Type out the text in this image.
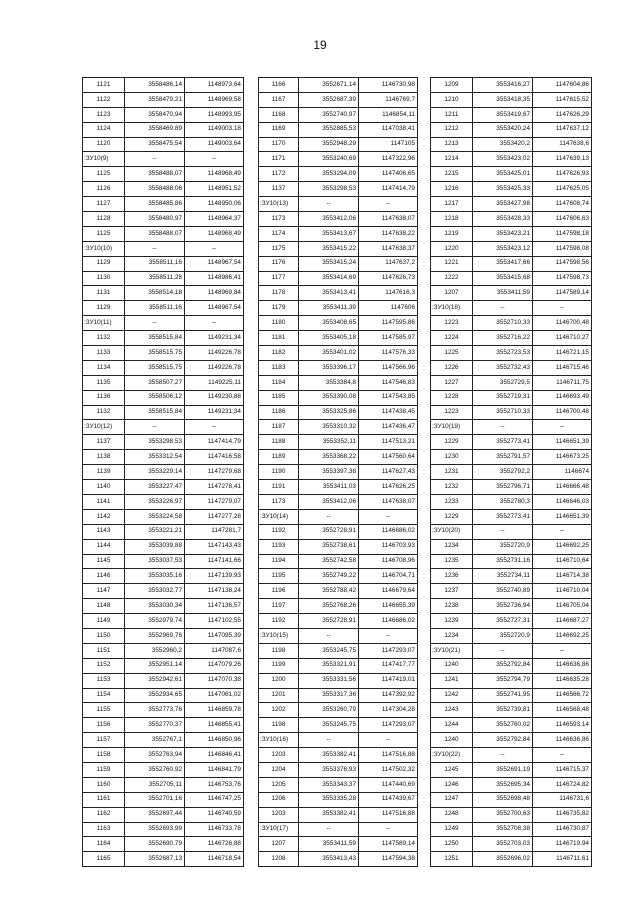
19
1121	3558486,14	1148973,64
1122	3558479,21	1148969,58
1123	3558470,94	1148993,95
1124	3558469,89	1149003,18
1120	3558475,54	1149003,64
:ЗУ10(9)	--	--
1125	3558488,07	1148968,49
1126	3558488,06	1148951,52
1127	3558485,86	1148950,06
1128	3558480,97	1148964,37
1125	3558488,07	1148968,49
:ЗУ10(10)	--	--
1129	3558511,16	1148967,54
1130	3558511,28	1148986,41
1131	3558514,18	1148969,84
1129	3558511,16	1148967,54
:ЗУ10(11)	--	--
1132	3558515,84	1149231,34
1133	3558515,75	1149226,78
1134	3558515,75	1149226,78
1135	3558507,27	1149225,11
1136	3558506,12	1149230,88
1132	3558515,84	1149231,34
:ЗУ10(12)	--	--
1137	3553298,53	1147414,79
1138	3553312,54	1147416,58
1139	3553229,14	1147279,68
1140	3553227,47	1147278,41
1141	3553226,97	1147279,07
1142	3553224,58	1147277,28
1143	3553221,21	1147281,7
1144	3553039,88	1147143,43
1145	3553037,53	1147141,66
1146	3553035,16	1147139,93
1147	3553032,77	1147138,24
1148	3553030,34	1147136,57
1149	3552979,74	1147102,55
1150	3552969,76	1147095,39
1151	3552960,2	1147087,6
1152	3552951,14	1147079,26
1153	3552942,61	1147070,38
1154	3552934,65	1147061,02
1155	3552773,76	1146859,78
1156	3552770,37	1146855,41
1157	3552767,1	1146850,96
1158	3552763,94	1146846,41
1159	3552760,92	1146841,79
1160	3552705,11	1146753,76
1161	3552701,16	1146747,25
1162	3552697,44	1146740,59
1163	3552693,99	1146733,78
1164	3552690,79	1146726,88
1165	3552687,13	1146718,54
1166	3552671,14	1146730,98
1167	3552687,39	1146769,7
1168	3552740,97	1146854,11
1169	3552885,53	1147038,41
1170	3552948,29	1147105
1171	3553240,69	1147322,96
1172	3553294,09	1147406,65
1137	3553298,53	1147414,79
:ЗУ10(13)	--	--
1173	3553412,06	1147638,07
1174	3553413,67	1147638,22
1175	3553415,22	1147638,37
1176	3553415,24	1147637,2
1177	3553414,69	1147626,73
1178	3553413,41	1147616,3
1179	3553411,39	1147606
1180	3553408,65	1147595,86
1181	3553405,18	1147585,97
1182	3553401,02	1147576,33
1183	3553396,17	1147566,96
1184	3553384,8	1147546,83
1185	3553390,08	1147543,85
1186	3553325,86	1147438,45
1187	3553310,32	1147436,47
1188	3553352,11	1147513,21
1189	3553368,22	1147560,64
1190	3553397,38	1147627,43
1191	3553411,03	1147626,25
1173	3553412,06	1147638,07
:ЗУ10(14)	--	--
1192	3552728,91	1146686,02
1193	3552738,61	1146703,93
1194	3552742,58	1146708,96
1195	3552749,22	1146704,71
1196	3552788,42	1146679,64
1197	3552768,26	1146655,39
1192	3552728,91	1146686,02
:ЗУ10(15)	--	--
1198	3553245,75	1147293,07
1199	3553321,91	1147417,77
1200	3553331,56	1147419,01
1201	3553317,36	1147392,92
1202	3553260,79	1147304,28
1198	3553245,75	1147293,07
:ЗУ10(16)	--	--
1203	3553382,41	1147516,88
1204	3553376,93	1147502,32
1205	3553343,37	1147440,69
1206	3553335,28	1147439,67
1203	3553382,41	1147516,88
:ЗУ10(17)	--	--
1207	3553411,59	1147589,14
1208	3553413,43	1147594,38
1209	3553416,27	1147604,86
1210	3553418,35	1147615,52
1211	3553419,67	1147626,29
1212	3553420,24	1147637,12
1213	3553420,2	1147638,6
1214	3553423,02	1147639,13
1215	3553425,01	1147626,93
1216	3553425,33	1147625,05
1217	3553427,98	1147608,74
1218	3553428,33	1147606,63
1219	3553423,21	1147598,18
1220	3553423,12	1147598,08
1221	3553417,66	1147598,56
1222	3553415,68	1147598,73
1207	3553411,59	1147589,14
:ЗУ10(18)	--	--
1223	3552710,33	1146700,48
1224	3552716,22	1146710,27
1225	3552723,53	1146721,15
1226	3552732,43	1146715,46
1227	3552729,5	1146711,75
1228	3552719,31	1146693,49
1223	3552710,33	1146700,48
:ЗУ10(19)	--	--
1229	3552773,41	1146651,39
1230	3552791,57	1146673,25
1231	3552792,2	1146674
1232	3552796,71	1146666,48
1233	3552780,3	1146646,03
1229	3552773,41	1146651,39
:ЗУ10(20)	--	--
1234	3552720,9	1146692,25
1235	3552731,16	1146710,64
1236	3552734,11	1146714,38
1237	3552740,89	1146710,04
1238	3552736,94	1146705,04
1239	3552727,31	1146687,27
1234	3552720,9	1146692,25
:ЗУ10(21)	--	--
1240	3552792,84	1146636,86
1241	3552794,79	1146635,28
1242	3552741,95	1146566,72
1243	3552739,81	1146568,48
1244	3552760,02	1146593,14
1240	3552792,84	1146636,86
:ЗУ10(22)	--	--
1245	3552691,19	1146715,37
1246	3552695,34	1146724,82
1247	3552698,48	1146731,6
1248	3552700,63	1146735,82
1249	3552708,38	1146730,87
1250	3552703,03	1146719,94
1251	3552696,02	1146711,61
